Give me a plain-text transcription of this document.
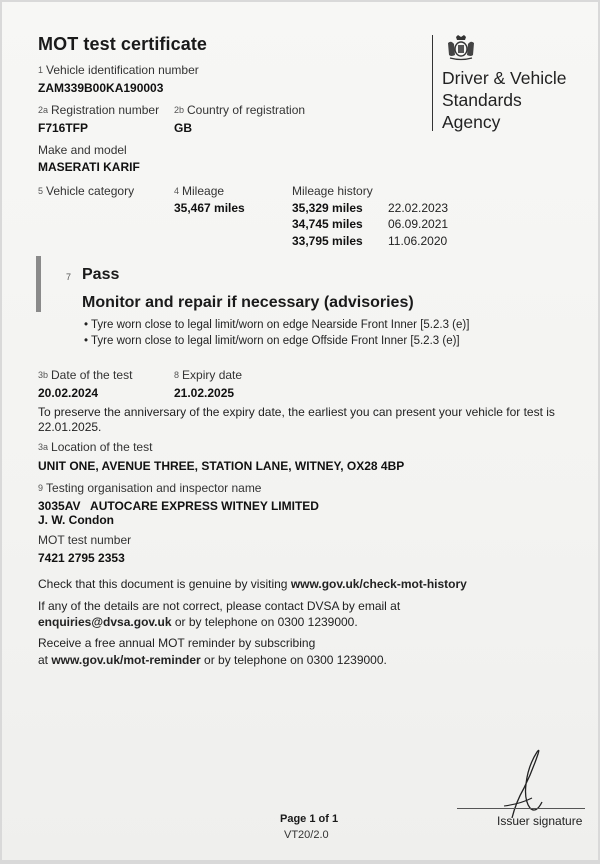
MOT test certificate
Driver & Vehicle
Standards
Agency
1 Vehicle identification number
ZAM339B00KA190003
2a Registration number
F716TFP
2b Country of registration
GB
Make and model
MASERATI KARIF
5 Vehicle category	4 Mileage
35,467 miles
Mileage history
35,329 miles 22.02.2023
34,745 miles 06.09.2021
33,795 miles 11.06.2020
7 Pass
Monitor and repair if necessary (advisories)
• Tyre worn close to legal limit/worn on edge Nearside Front Inner [5.2.3 (e)]
• Tyre worn close to legal limit/worn on edge Offside Front Inner [5.2.3 (e)]
3b Date of the test
20.02.2024
8 Expiry date
21.02.2025
To preserve the anniversary of the expiry date, the earliest you can present your vehicle for test is
22.01.2025.
3a Location of the test
UNIT ONE, AVENUE THREE, STATION LANE, WITNEY, OX28 4BP
9 Testing organisation and inspector name
3035AV   AUTOCARE EXPRESS WITNEY LIMITED
J. W. Condon
MOT test number
7421 2795 2353
Check that this document is genuine by visiting www.gov.uk/check-mot-history
If any of the details are not correct, please contact DVSA by email at
enquiries@dvsa.gov.uk or by telephone on 0300 1239000.
Receive a free annual MOT reminder by subscribing
at www.gov.uk/mot-reminder or by telephone on 0300 1239000.
Issuer signature
Page 1 of 1
VT20/2.0
